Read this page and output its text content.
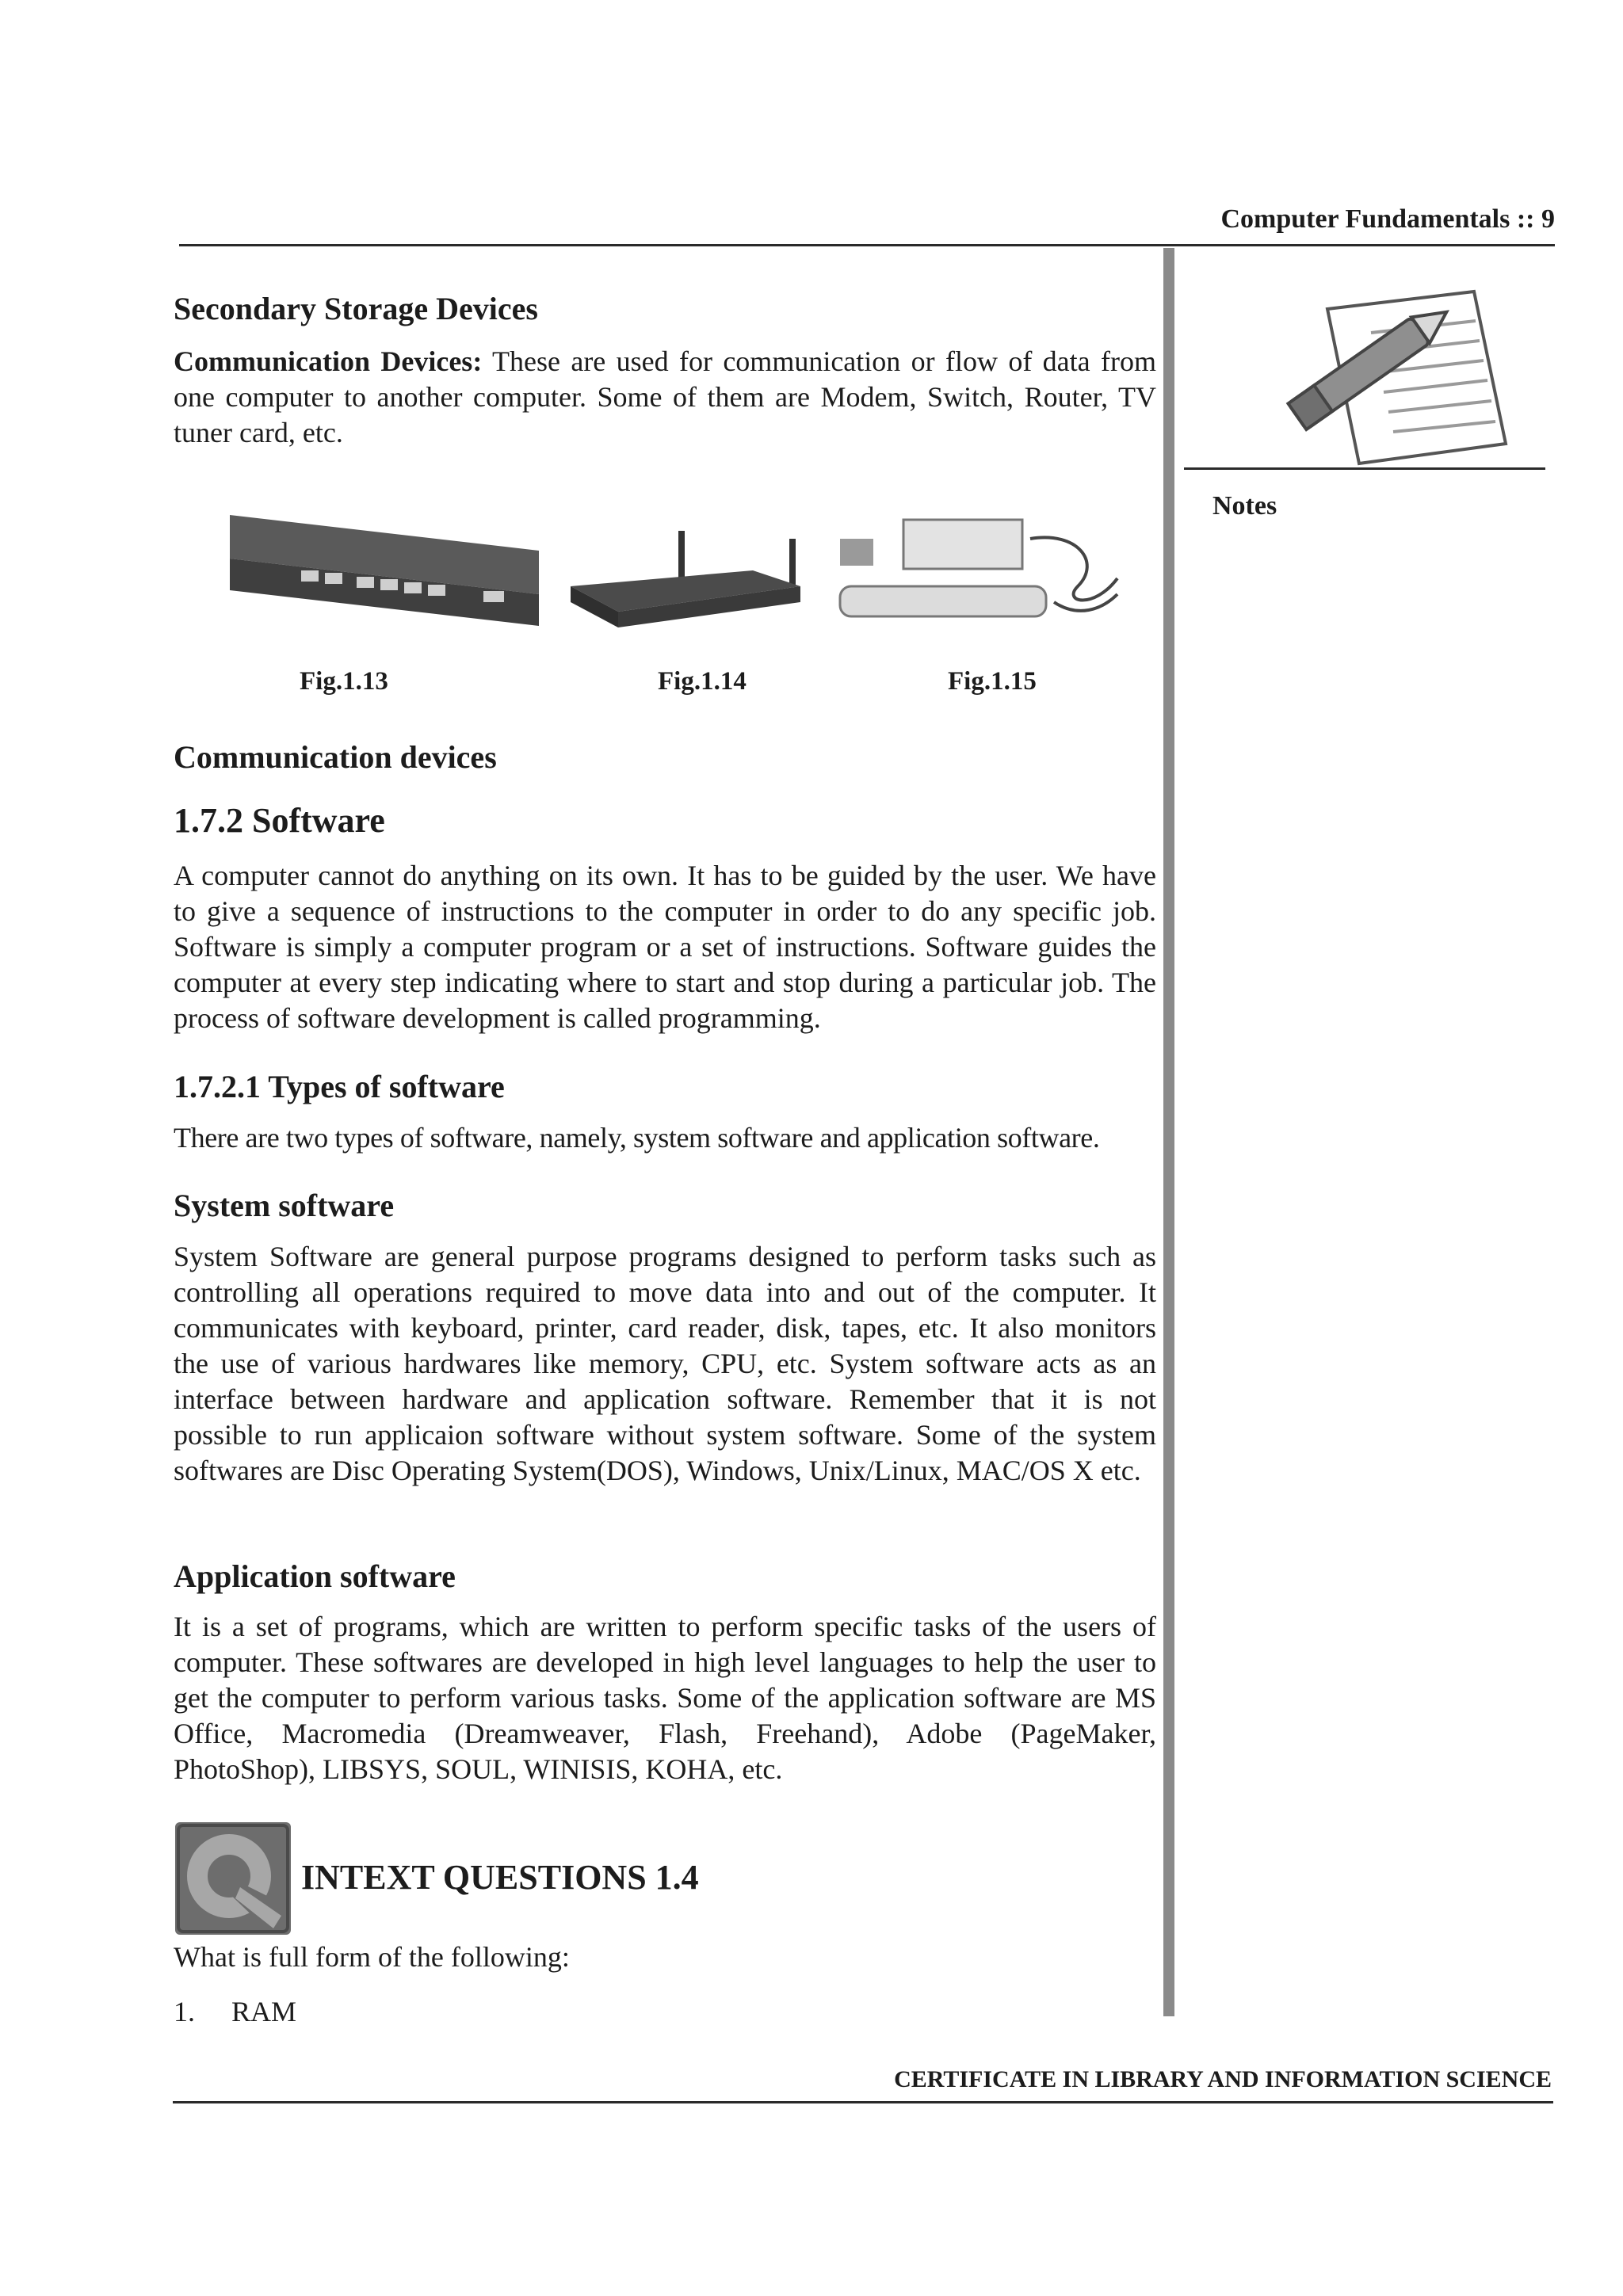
Computer Fundamentals :: 9
Notes
Secondary Storage Devices

Communication Devices: These are used for communication or flow of data from one computer to another computer. Some of them are Modem, Switch, Router, TV tuner card, etc.

Fig.1.13	Fig.1.14	Fig.1.15
Communication devices
1.7.2 Software

A computer cannot do anything on its own. It has to be guided by the user. We have to give a sequence of instructions to the computer in order to do any specific job. Software is simply a computer program or a set of instructions. Software guides the computer at every step indicating where to start and stop during a particular job. The process of software development is called programming.

1.7.2.1 Types of software

There are two types of software, namely, system software and application software.

System software

System Software are general purpose programs designed to perform tasks such as controlling all operations required to move data into and out of the computer. It communicates with keyboard, printer, card reader, disk, tapes, etc. It also monitors the use of various hardwares like memory, CPU, etc. System software acts as an interface between hardware and application software. Remember that it is not possible to run applicaion software without system software. Some of the system softwares are Disc Operating System(DOS), Windows, Unix/Linux, MAC/OS X etc.

Application software

It is a set of programs, which are written to perform specific tasks of the users of computer. These softwares are developed in high level languages to help the user to get the computer to perform various tasks. Some of the application software are MS Office, Macromedia (Dreamweaver, Flash, Freehand), Adobe (PageMaker, PhotoShop), LIBSYS, SOUL, WINISIS, KOHA, etc.

INTEXT QUESTIONS 1.4

What is full form of the following:

1. RAM
CERTIFICATE IN LIBRARY AND INFORMATION SCIENCE
